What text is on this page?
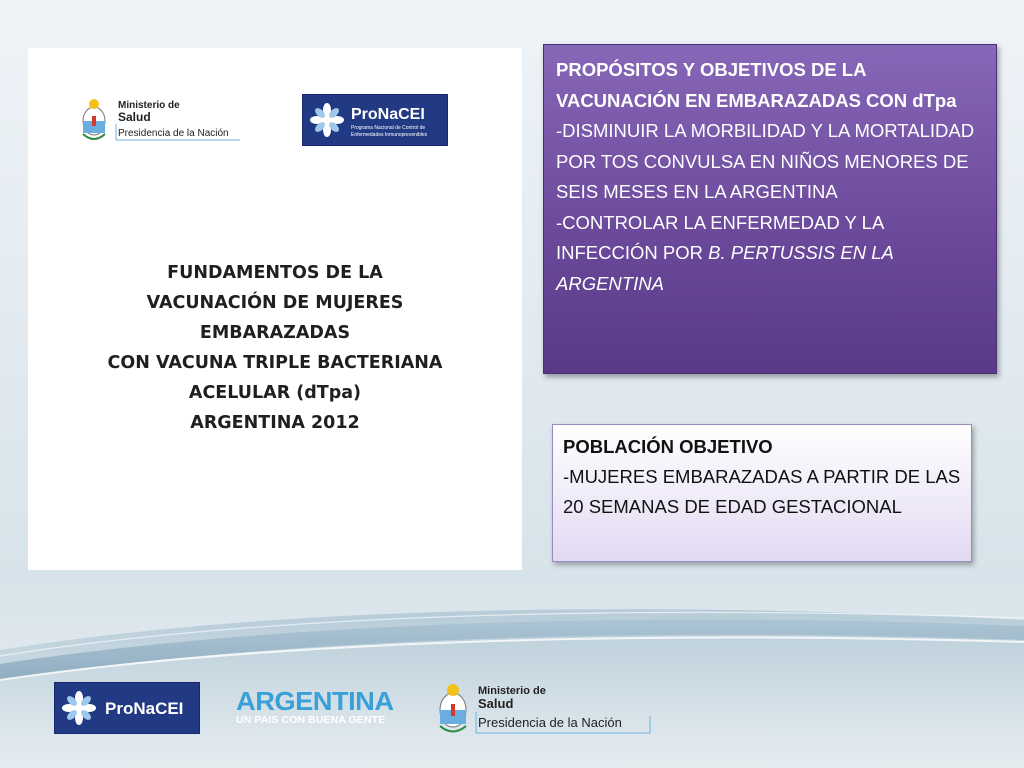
Ministerio de
Salud
Presidencia de la Nación
ProNaCEI
Programa Nacional de Control de
Enfermedades Inmunoprevenibles
FUNDAMENTOS DE LA
VACUNACIÓN DE MUJERES
EMBARAZADAS
CON VACUNA TRIPLE BACTERIANA
ACELULAR (dTpa)
ARGENTINA 2012
PROPÓSITOS Y OBJETIVOS DE LA VACUNACIÓN EN EMBARAZADAS CON dTpa

-DISMINUIR LA MORBILIDAD Y LA MORTALIDAD POR TOS CONVULSA EN NIÑOS MENORES DE SEIS MESES EN LA ARGENTINA

-CONTROLAR LA ENFERMEDAD Y LA INFECCIÓN POR B. PERTUSSIS EN LA ARGENTINA

POBLACIÓN OBJETIVO

-MUJERES EMBARAZADAS A PARTIR DE LAS 20 SEMANAS DE EDAD GESTACIONAL

ProNaCEI ARGENTINA
UN PAIS CON BUENA GENTE
Ministerio de
Salud
Presidencia de la Nación
